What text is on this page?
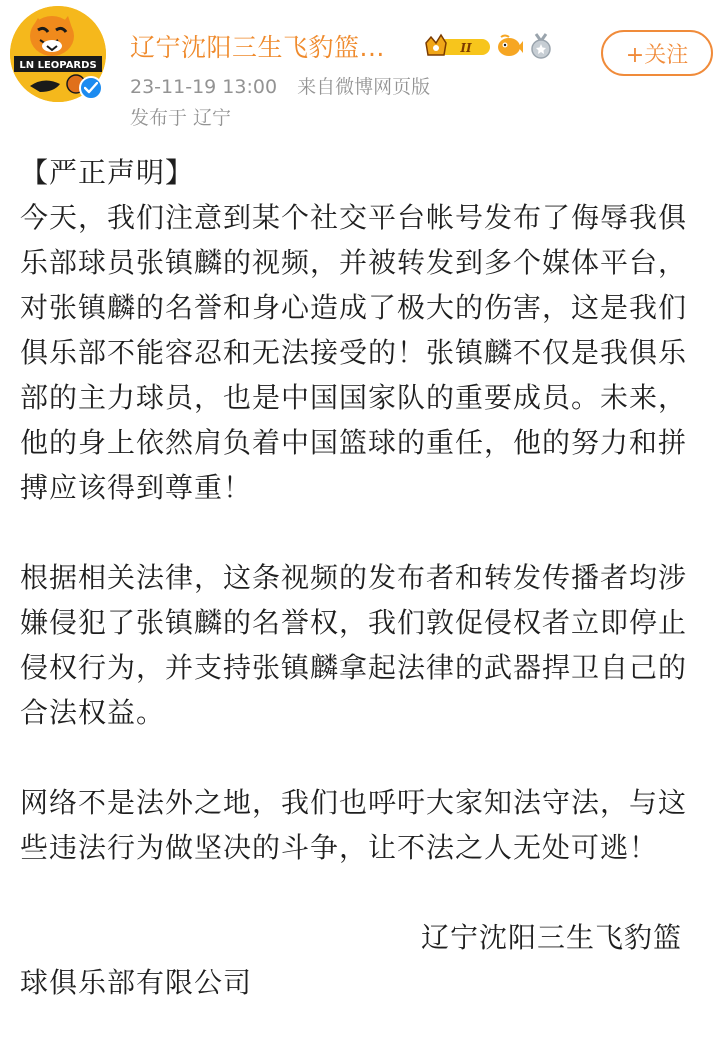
LN LEOPARDS
辽宁沈阳三生飞豹篮...	II
23-11-19 13:00 来自微博网页版
发布于 辽宁
+关注

【严正声明】

今天，我们注意到某个社交平台帐号发布了侮辱我俱乐部球员张镇麟的视频，并被转发到多个媒体平台，对张镇麟的名誉和身心造成了极大的伤害，这是我们俱乐部不能容忍和无法接受的！张镇麟不仅是我俱乐部的主力球员，也是中国国家队的重要成员。未来，他的身上依然肩负着中国篮球的重任，他的努力和拼搏应该得到尊重！

根据相关法律，这条视频的发布者和转发传播者均涉嫌侵犯了张镇麟的名誉权，我们敦促侵权者立即停止侵权行为，并支持张镇麟拿起法律的武器捍卫自己的合法权益。

网络不是法外之地，我们也呼吁大家知法守法，与这些违法行为做坚决的斗争，让不法之人无处可逃！

辽宁沈阳三生飞豹篮

球俱乐部有限公司
